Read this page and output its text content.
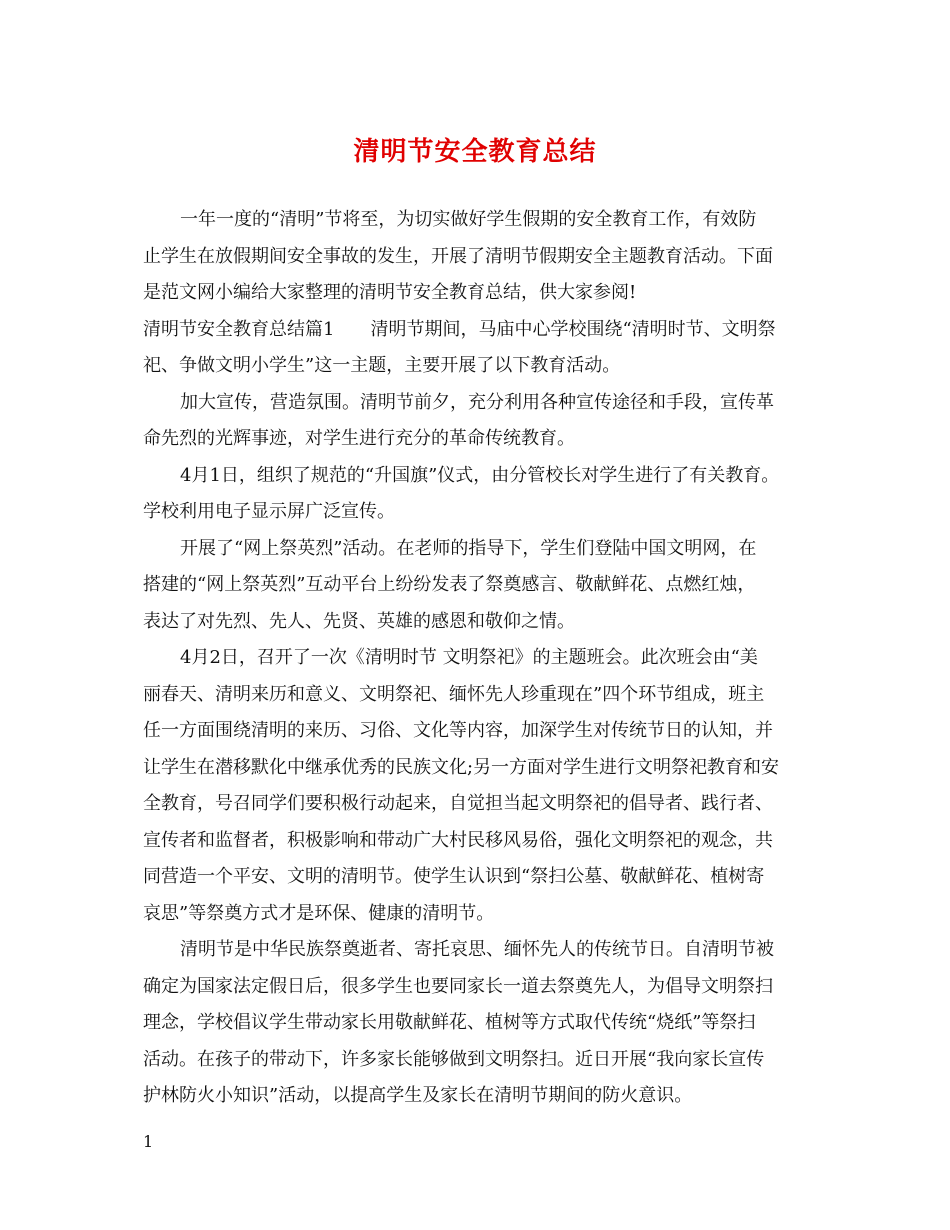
清明节安全教育总结
一年一度的“清明”节将至，为切实做好学生假期的安全教育工作，有效防
止学生在放假期间安全事故的发生，开展了清明节假期安全主题教育活动。下面
是范文网小编给大家整理的清明节安全教育总结，供大家参阅!
清明节安全教育总结篇1　　清明节期间，马庙中心学校围绕“清明时节、文明祭
祀、争做文明小学生”这一主题，主要开展了以下教育活动。
加大宣传，营造氛围。清明节前夕，充分利用各种宣传途径和手段，宣传革
命先烈的光辉事迹，对学生进行充分的革命传统教育。
4月1日，组织了规范的“升国旗”仪式，由分管校长对学生进行了有关教育。
学校利用电子显示屏广泛宣传。
开展了“网上祭英烈”活动。在老师的指导下，学生们登陆中国文明网，在
搭建的“网上祭英烈”互动平台上纷纷发表了祭奠感言、敬献鲜花、点燃红烛，
表达了对先烈、先人、先贤、英雄的感恩和敬仰之情。
4月2日，召开了一次《清明时节 文明祭祀》的主题班会。此次班会由“美
丽春天、清明来历和意义、文明祭祀、缅怀先人珍重现在”四个环节组成，班主
任一方面围绕清明的来历、习俗、文化等内容，加深学生对传统节日的认知，并
让学生在潜移默化中继承优秀的民族文化;另一方面对学生进行文明祭祀教育和安
全教育，号召同学们要积极行动起来，自觉担当起文明祭祀的倡导者、践行者、
宣传者和监督者，积极影响和带动广大村民移风易俗，强化文明祭祀的观念，共
同营造一个平安、文明的清明节。使学生认识到“祭扫公墓、敬献鲜花、植树寄
哀思”等祭奠方式才是环保、健康的清明节。
清明节是中华民族祭奠逝者、寄托哀思、缅怀先人的传统节日。自清明节被
确定为国家法定假日后，很多学生也要同家长一道去祭奠先人，为倡导文明祭扫
理念，学校倡议学生带动家长用敬献鲜花、植树等方式取代传统“烧纸”等祭扫
活动。在孩子的带动下，许多家长能够做到文明祭扫。近日开展“我向家长宣传
护林防火小知识”活动，以提高学生及家长在清明节期间的防火意识。
1
